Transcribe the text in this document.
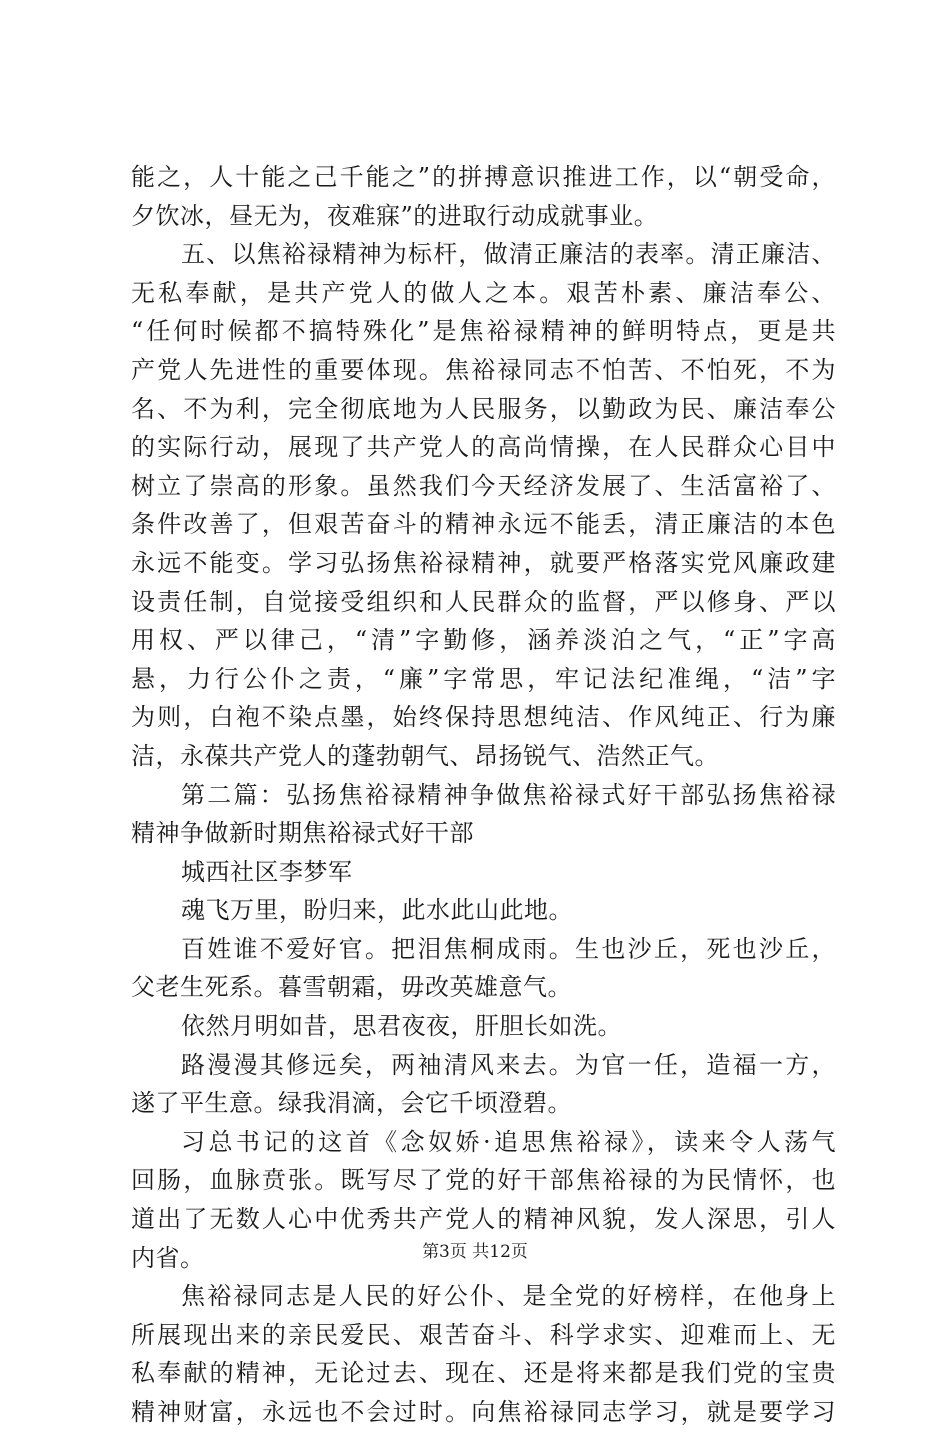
能之，人十能之己千能之”的拼搏意识推进工作，以“朝受命，
夕饮冰，昼无为，夜难寐”的进取行动成就事业。
五、以焦裕禄精神为标杆，做清正廉洁的表率。清正廉洁、
无私奉献，是共产党人的做人之本。艰苦朴素、廉洁奉公、
“任何时候都不搞特殊化”是焦裕禄精神的鲜明特点，更是共
产党人先进性的重要体现。焦裕禄同志不怕苦、不怕死，不为
名、不为利，完全彻底地为人民服务，以勤政为民、廉洁奉公
的实际行动，展现了共产党人的高尚情操，在人民群众心目中
树立了崇高的形象。虽然我们今天经济发展了、生活富裕了、
条件改善了，但艰苦奋斗的精神永远不能丢，清正廉洁的本色
永远不能变。学习弘扬焦裕禄精神，就要严格落实党风廉政建
设责任制，自觉接受组织和人民群众的监督，严以修身、严以
用权、严以律己，“清”字勤修，涵养淡泊之气，“正”字高
悬，力行公仆之责，“廉”字常思，牢记法纪准绳，“洁”字
为则，白袍不染点墨，始终保持思想纯洁、作风纯正、行为廉
洁，永葆共产党人的蓬勃朝气、昂扬锐气、浩然正气。
第二篇：弘扬焦裕禄精神争做焦裕禄式好干部弘扬焦裕禄
精神争做新时期焦裕禄式好干部
城西社区李梦军
魂飞万里，盼归来，此水此山此地。
百姓谁不爱好官。把泪焦桐成雨。生也沙丘，死也沙丘，
父老生死系。暮雪朝霜，毋改英雄意气。
依然月明如昔，思君夜夜，肝胆长如洗。
路漫漫其修远矣，两袖清风来去。为官一任，造福一方，
遂了平生意。绿我涓滴，会它千顷澄碧。
习总书记的这首《念奴娇·追思焦裕禄》，读来令人荡气
回肠，血脉贲张。既写尽了党的好干部焦裕禄的为民情怀，也
道出了无数人心中优秀共产党人的精神风貌，发人深思，引人
内省。
焦裕禄同志是人民的好公仆、是全党的好榜样，在他身上
所展现出来的亲民爱民、艰苦奋斗、科学求实、迎难而上、无
私奉献的精神，无论过去、现在、还是将来都是我们党的宝贵
精神财富，永远也不会过时。向焦裕禄同志学习，就是要学习
第3页 共12页
